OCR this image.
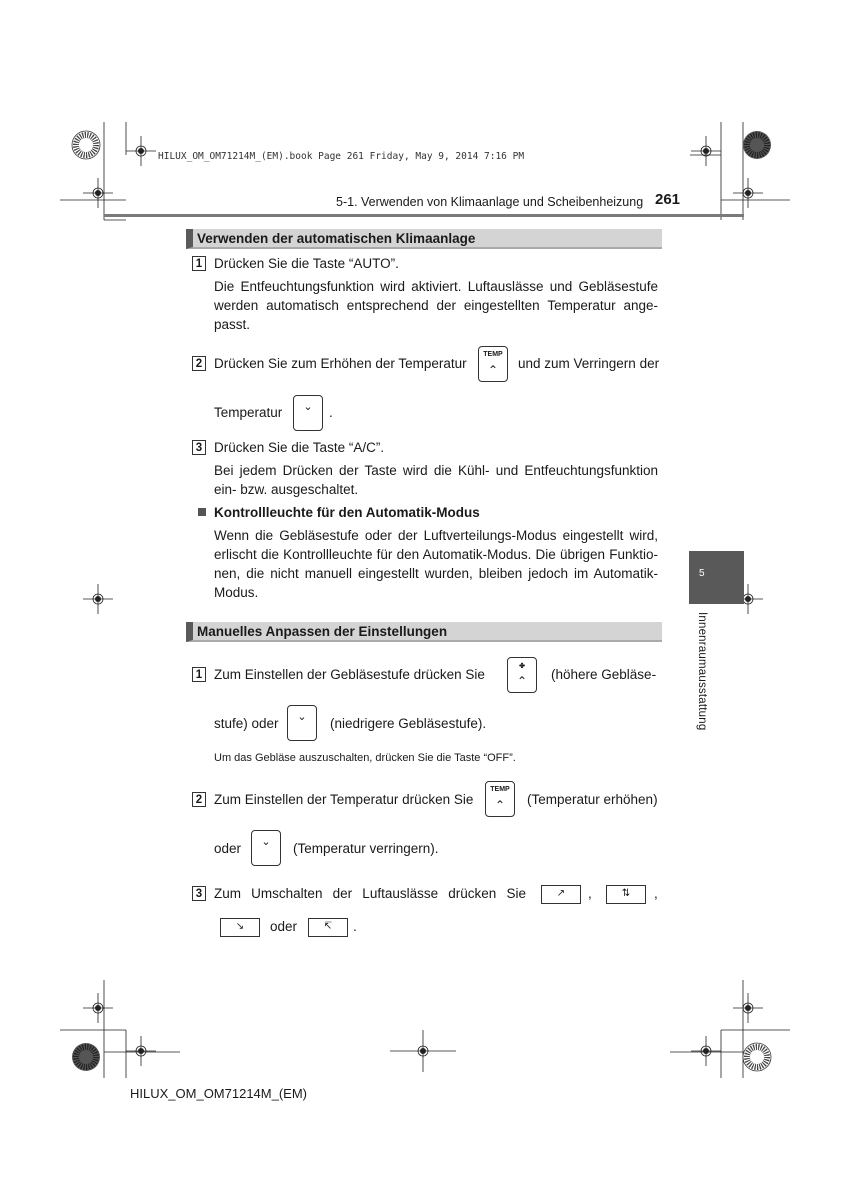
HILUX_OM_OM71214M_(EM).book Page 261 Friday, May 9, 2014 7:16 PM
5-1. Verwenden von Klimaanlage und Scheibenheizung 261
5
Innenraumausstattung
Verwenden der automatischen Klimaanlage
1 Drücken Sie die Taste “AUTO”.
Die Entfeuchtungsfunktion wird aktiviert. Luftauslässe und Gebläsestufe werden automatisch entsprechend der eingestellten Temperatur ange-passt.
2 Drücken Sie zum Erhöhen der Temperatur
TEMP
⌃	und zum Verringern der
Temperatur	⌄	.
3 Drücken Sie die Taste “A/C”.
Bei jedem Drücken der Taste wird die Kühl- und Entfeuchtungsfunktion ein- bzw. ausgeschaltet.
Kontrollleuchte für den Automatik-Modus
Wenn die Gebläsestufe oder der Luftverteilungs-Modus eingestellt wird, erlischt die Kontrollleuchte für den Automatik-Modus. Die übrigen Funktio-nen, die nicht manuell eingestellt wurden, bleiben jedoch im Automatik-Modus.
Manuelles Anpassen der Einstellungen
1 Zum Einstellen der Gebläsestufe drücken Sie
✤
⌃	(höhere Gebläse-
stufe) oder	⌄	(niedrigere Gebläsestufe).
Um das Gebläse auszuschalten, drücken Sie die Taste “OFF”.
2 Zum Einstellen der Temperatur drücken Sie
TEMP
⌃	(Temperatur erhöhen)
oder	⌄	(Temperatur verringern).
3 Zum Umschalten der Luftauslässe drücken Sie	↗	,	⇅	,
↘	oder	↸	.
HILUX_OM_OM71214M_(EM)
